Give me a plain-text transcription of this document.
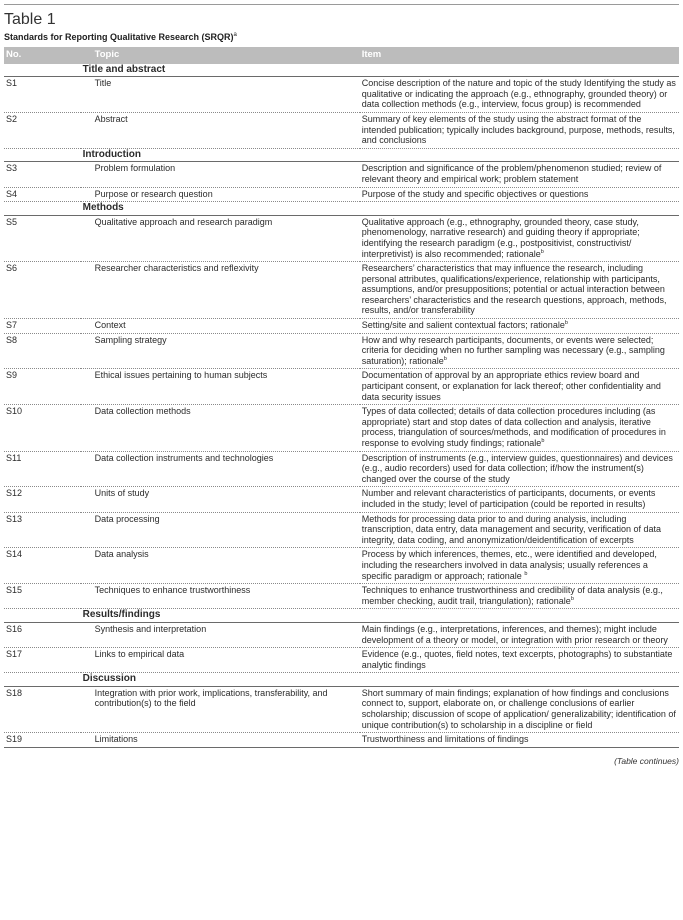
Table 1
Standards for Reporting Qualitative Research (SRQR)$^a$
No.	Topic	Item
	Title and abstract	
S1	Title	Concise description of the nature and topic of the study Identifying the study as qualitative or indicating the approach (e.g., ethnography, grounded theory) or data collection methods (e.g., interview, focus group) is recommended
S2	Abstract	Summary of key elements of the study using the abstract format of the intended publication; typically includes background, purpose, methods, results, and conclusions
	Introduction	
S3	Problem formulation	Description and significance of the problem/phenomenon studied; review of relevant theory and empirical work; problem statement
S4	Purpose or research question	Purpose of the study and specific objectives or questions
	Methods	
S5	Qualitative approach and research paradigm	Qualitative approach (e.g., ethnography, grounded theory, case study, phenomenology, narrative research) and guiding theory if appropriate; identifying the research paradigm (e.g., postpositivist, constructivist/ interpretivist) is also recommended; rationale$^b$
S6	Researcher characteristics and reflexivity	Researchers’ characteristics that may influence the research, including personal attributes, qualifications/experience, relationship with participants, assumptions, and/or presuppositions; potential or actual interaction between researchers’ characteristics and the research questions, approach, methods, results, and/or transferability
S7	Context	Setting/site and salient contextual factors; rationale$^b$
S8	Sampling strategy	How and why research participants, documents, or events were selected; criteria for deciding when no further sampling was necessary (e.g., sampling saturation); rationale$^b$
S9	Ethical issues pertaining to human subjects	Documentation of approval by an appropriate ethics review board and participant consent, or explanation for lack thereof; other confidentiality and data security issues
S10	Data collection methods	Types of data collected; details of data collection procedures including (as appropriate) start and stop dates of data collection and analysis, iterative process, triangulation of sources/methods, and modification of procedures in response to evolving study findings; rationale$^b$
S11	Data collection instruments and technologies	Description of instruments (e.g., interview guides, questionnaires) and devices (e.g., audio recorders) used for data collection; if/how the instrument(s) changed over the course of the study
S12	Units of study	Number and relevant characteristics of participants, documents, or events included in the study; level of participation (could be reported in results)
S13	Data processing	Methods for processing data prior to and during analysis, including transcription, data entry, data management and security, verification of data integrity, data coding, and anonymization/deidentification of excerpts
S14	Data analysis	Process by which inferences, themes, etc., were identified and developed, including the researchers involved in data analysis; usually references a specific paradigm or approach; rationale $^b$
S15	Techniques to enhance trustworthiness	Techniques to enhance trustworthiness and credibility of data analysis (e.g., member checking, audit trail, triangulation); rationale$^b$
	Results/findings	
S16	Synthesis and interpretation	Main findings (e.g., interpretations, inferences, and themes); might include development of a theory or model, or integration with prior research or theory
S17	Links to empirical data	Evidence (e.g., quotes, field notes, text excerpts, photographs) to substantiate analytic findings
	Discussion	
S18	Integration with prior work, implications, transferability, and contribution(s) to the field	Short summary of main findings; explanation of how findings and conclusions connect to, support, elaborate on, or challenge conclusions of earlier scholarship; discussion of scope of application/ generalizability; identification of unique contribution(s) to scholarship in a discipline or field
S19	Limitations	Trustworthiness and limitations of findings
(Table continues)
